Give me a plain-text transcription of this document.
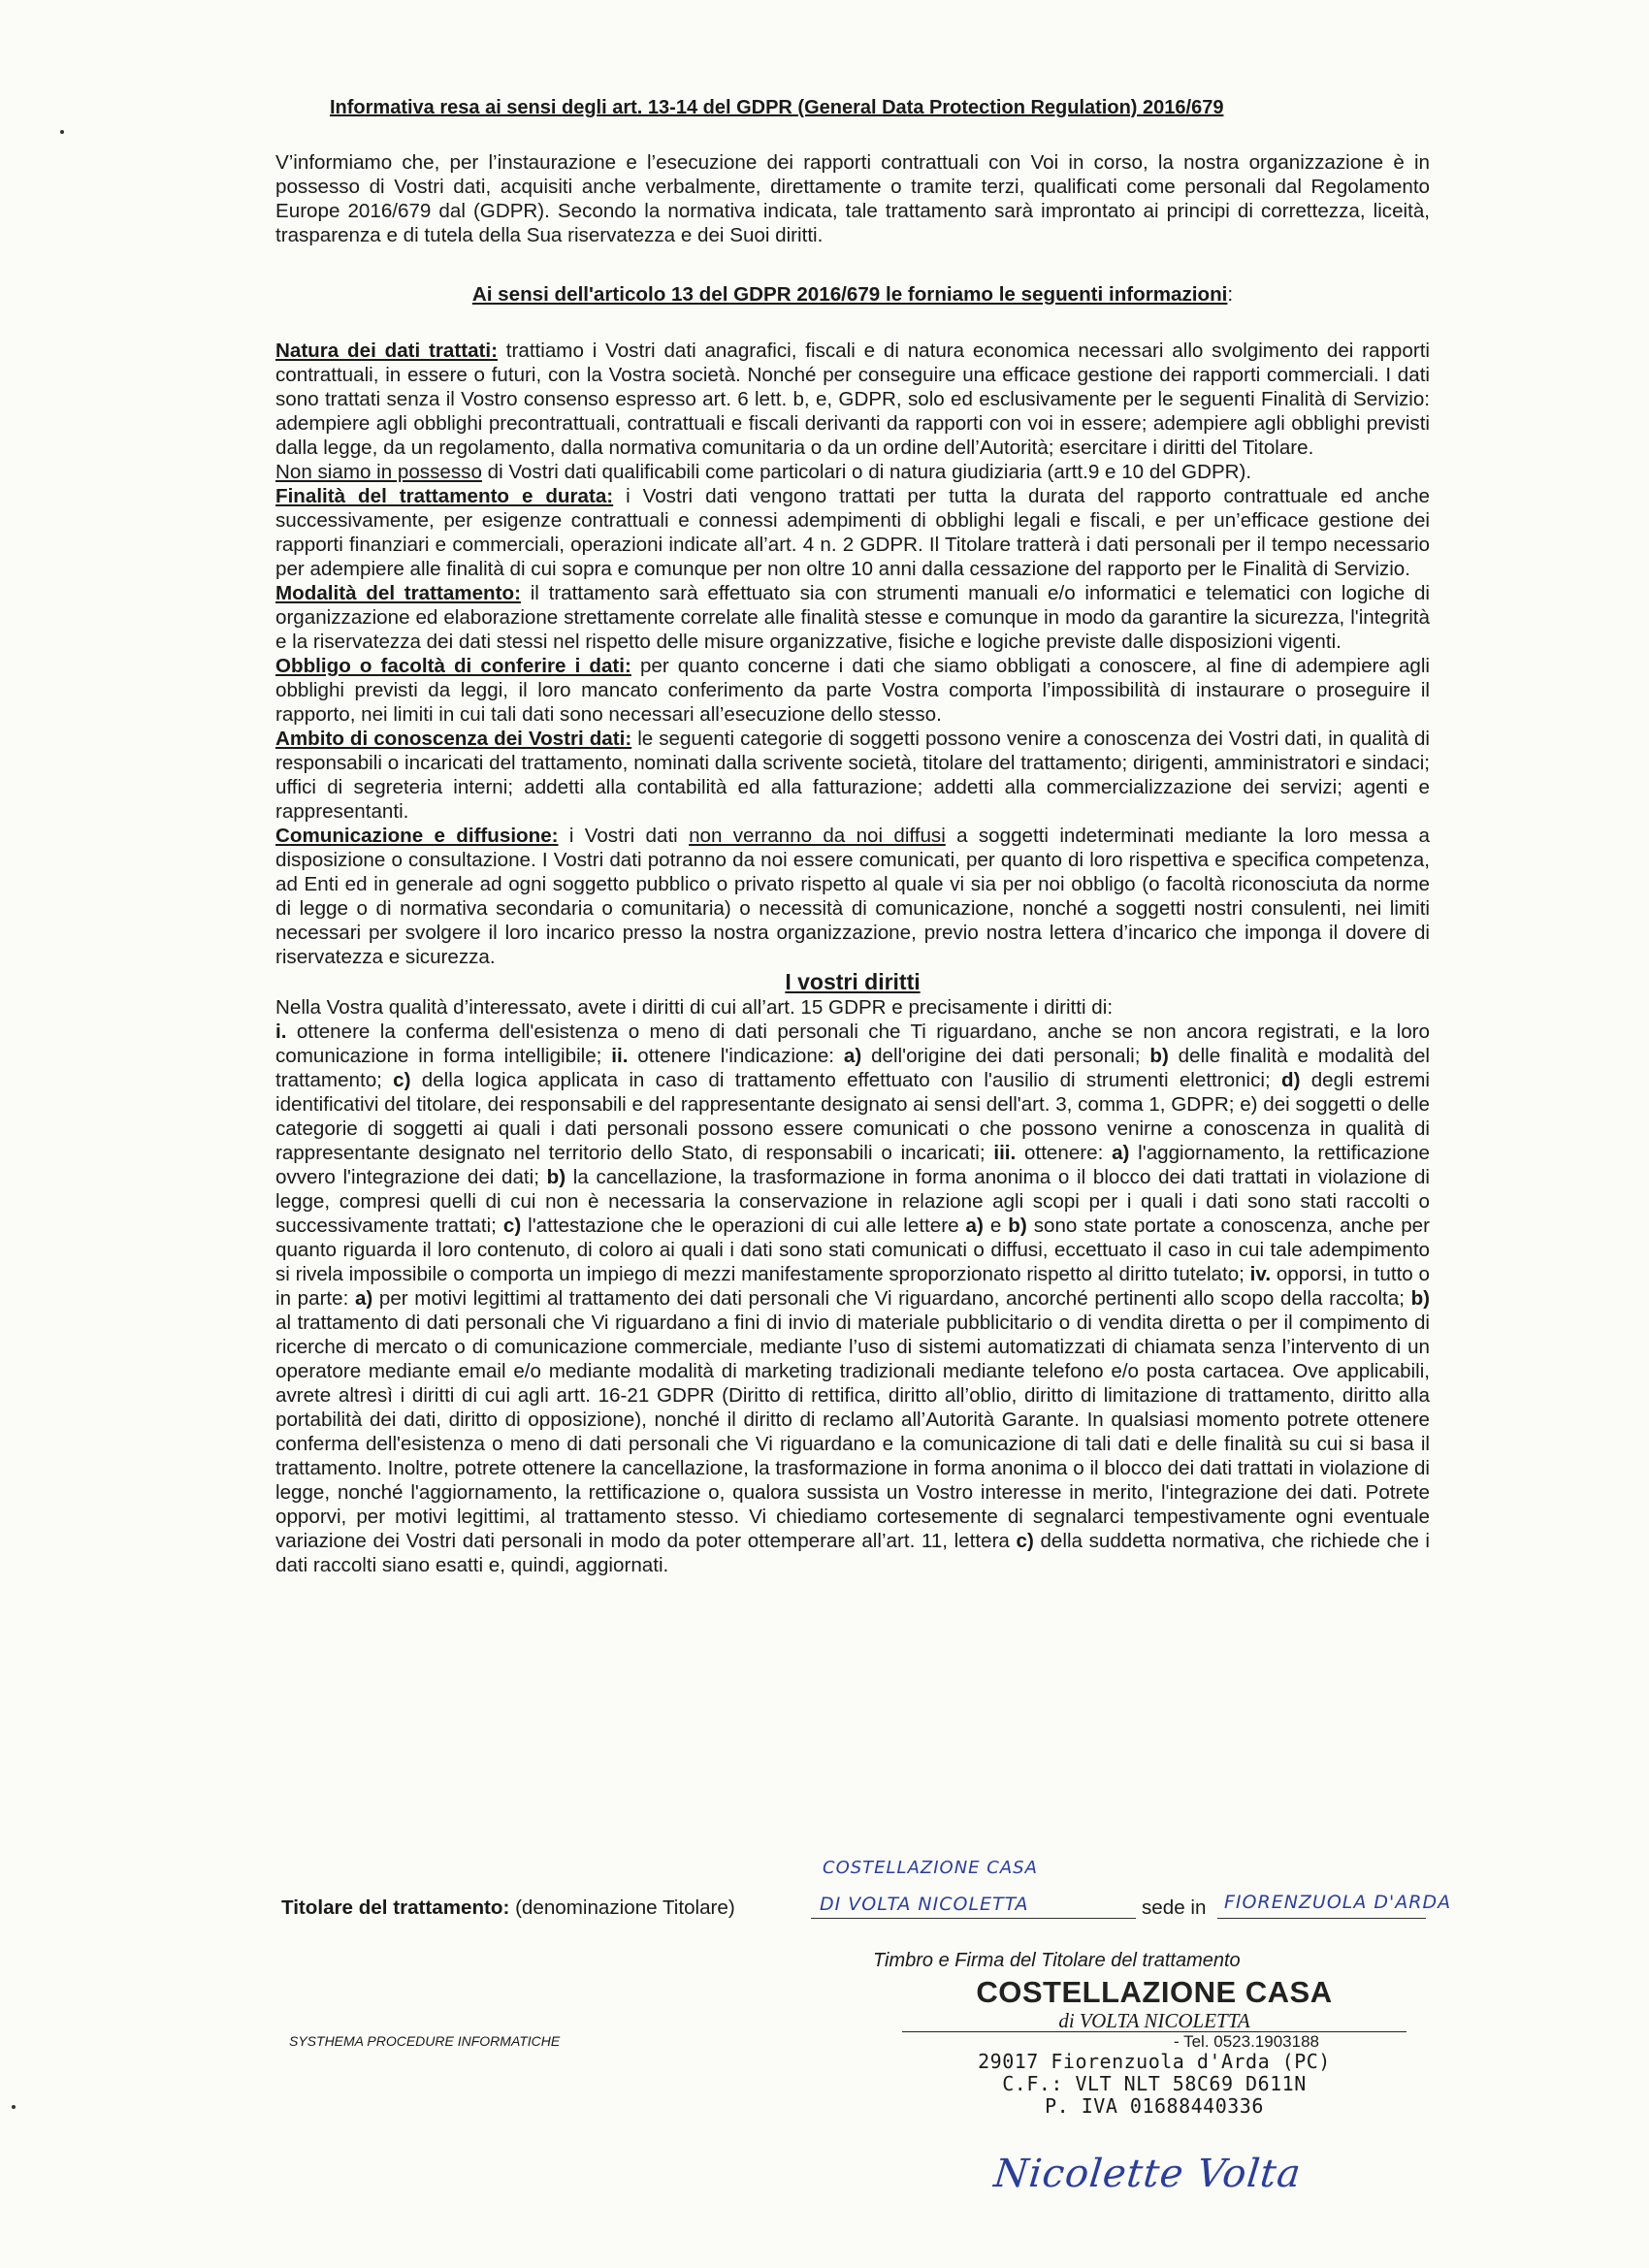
Informativa resa ai sensi degli art. 13-14 del GDPR (General Data Protection Regulation) 2016/679
V’informiamo che, per l’instaurazione e l’esecuzione dei rapporti contrattuali con Voi in corso, la nostra organizzazione è in possesso di Vostri dati, acquisiti anche verbalmente, direttamente o tramite terzi, qualificati come personali dal Regolamento Europe 2016/679 dal (GDPR). Secondo la normativa indicata, tale trattamento sarà improntato ai principi di correttezza, liceità, trasparenza e di tutela della Sua riservatezza e dei Suoi diritti.
Ai sensi dell'articolo 13 del GDPR 2016/679 le forniamo le seguenti informazioni:

Natura dei dati trattati: trattiamo i Vostri dati anagrafici, fiscali e di natura economica necessari allo svolgimento dei rapporti contrattuali, in essere o futuri, con la Vostra società. Nonché per conseguire una efficace gestione dei rapporti commerciali. I dati sono trattati senza il Vostro consenso espresso art. 6 lett. b, e, GDPR, solo ed esclusivamente per le seguenti Finalità di Servizio: adempiere agli obblighi precontrattuali, contrattuali e fiscali derivanti da rapporti con voi in essere; adempiere agli obblighi previsti dalla legge, da un regolamento, dalla normativa comunitaria o da un ordine dell’Autorità; esercitare i diritti del Titolare.

Non siamo in possesso di Vostri dati qualificabili come particolari o di natura giudiziaria (artt.9 e 10 del GDPR).

Finalità del trattamento e durata: i Vostri dati vengono trattati per tutta la durata del rapporto contrattuale ed anche successivamente, per esigenze contrattuali e connessi adempimenti di obblighi legali e fiscali, e per un’efficace gestione dei rapporti finanziari e commerciali, operazioni indicate all’art. 4 n. 2 GDPR. Il Titolare tratterà i dati personali per il tempo necessario per adempiere alle finalità di cui sopra e comunque per non oltre 10 anni dalla cessazione del rapporto per le Finalità di Servizio.

Modalità del trattamento: il trattamento sarà effettuato sia con strumenti manuali e/o informatici e telematici con logiche di organizzazione ed elaborazione strettamente correlate alle finalità stesse e comunque in modo da garantire la sicurezza, l'integrità e la riservatezza dei dati stessi nel rispetto delle misure organizzative, fisiche e logiche previste dalle disposizioni vigenti.

Obbligo o facoltà di conferire i dati: per quanto concerne i dati che siamo obbligati a conoscere, al fine di adempiere agli obblighi previsti da leggi, il loro mancato conferimento da parte Vostra comporta l’impossibilità di instaurare o proseguire il rapporto, nei limiti in cui tali dati sono necessari all’esecuzione dello stesso.

Ambito di conoscenza dei Vostri dati: le seguenti categorie di soggetti possono venire a conoscenza dei Vostri dati, in qualità di responsabili o incaricati del trattamento, nominati dalla scrivente società, titolare del trattamento; dirigenti, amministratori e sindaci; uffici di segreteria interni; addetti alla contabilità ed alla fatturazione; addetti alla commercializzazione dei servizi; agenti e rappresentanti.

Comunicazione e diffusione: i Vostri dati non verranno da noi diffusi a soggetti indeterminati mediante la loro messa a disposizione o consultazione. I Vostri dati potranno da noi essere comunicati, per quanto di loro rispettiva e specifica competenza, ad Enti ed in generale ad ogni soggetto pubblico o privato rispetto al quale vi sia per noi obbligo (o facoltà riconosciuta da norme di legge o di normativa secondaria o comunitaria) o necessità di comunicazione, nonché a soggetti nostri consulenti, nei limiti necessari per svolgere il loro incarico presso la nostra organizzazione, previo nostra lettera d’incarico che imponga il dovere di riservatezza e sicurezza.

I vostri diritti

Nella Vostra qualità d’interessato, avete i diritti di cui all’art. 15 GDPR e precisamente i diritti di:

i. ottenere la conferma dell'esistenza o meno di dati personali che Ti riguardano, anche se non ancora registrati, e la loro comunicazione in forma intelligibile; ii. ottenere l'indicazione: a) dell'origine dei dati personali; b) delle finalità e modalità del trattamento; c) della logica applicata in caso di trattamento effettuato con l'ausilio di strumenti elettronici; d) degli estremi identificativi del titolare, dei responsabili e del rappresentante designato ai sensi dell'art. 3, comma 1, GDPR; e) dei soggetti o delle categorie di soggetti ai quali i dati personali possono essere comunicati o che possono venirne a conoscenza in qualità di rappresentante designato nel territorio dello Stato, di responsabili o incaricati; iii. ottenere: a) l'aggiornamento, la rettificazione ovvero l'integrazione dei dati; b) la cancellazione, la trasformazione in forma anonima o il blocco dei dati trattati in violazione di legge, compresi quelli di cui non è necessaria la conservazione in relazione agli scopi per i quali i dati sono stati raccolti o successivamente trattati; c) l'attestazione che le operazioni di cui alle lettere a) e b) sono state portate a conoscenza, anche per quanto riguarda il loro contenuto, di coloro ai quali i dati sono stati comunicati o diffusi, eccettuato il caso in cui tale adempimento si rivela impossibile o comporta un impiego di mezzi manifestamente sproporzionato rispetto al diritto tutelato; iv. opporsi, in tutto o in parte: a) per motivi legittimi al trattamento dei dati personali che Vi riguardano, ancorché pertinenti allo scopo della raccolta; b) al trattamento di dati personali che Vi riguardano a fini di invio di materiale pubblicitario o di vendita diretta o per il compimento di ricerche di mercato o di comunicazione commerciale, mediante l’uso di sistemi automatizzati di chiamata senza l’intervento di un operatore mediante email e/o mediante modalità di marketing tradizionali mediante telefono e/o posta cartacea. Ove applicabili, avrete altresì i diritti di cui agli artt. 16-21 GDPR (Diritto di rettifica, diritto all’oblio, diritto di limitazione di trattamento, diritto alla portabilità dei dati, diritto di opposizione), nonché il diritto di reclamo all’Autorità Garante. In qualsiasi momento potrete ottenere conferma dell'esistenza o meno di dati personali che Vi riguardano e la comunicazione di tali dati e delle finalità su cui si basa il trattamento. Inoltre, potrete ottenere la cancellazione, la trasformazione in forma anonima o il blocco dei dati trattati in violazione di legge, nonché l'aggiornamento, la rettificazione o, qualora sussista un Vostro interesse in merito, l'integrazione dei dati. Potrete opporvi, per motivi legittimi, al trattamento stesso. Vi chiediamo cortesemente di segnalarci tempestivamente ogni eventuale variazione dei Vostri dati personali in modo da poter ottemperare all’art. 11, lettera c) della suddetta normativa, che richiede che i dati raccolti siano esatti e, quindi, aggiornati.

COSTELLAZIONE CASA
Titolare del trattamento: (denominazione Titolare)	DI VOLTA NICOLETTA	sede in FIORENZUOLA D'ARDA
Timbro e Firma del Titolare del trattamento
COSTELLAZIONE CASA
di VOLTA NICOLETTA
- Tel. 0523.1903188
29017 Fiorenzuola d'Arda (PC)
C.F.: VLT NLT 58C69 D611N
P. IVA 01688440336
SYSTHEMA PROCEDURE INFORMATICHE
Nicolette Volta
